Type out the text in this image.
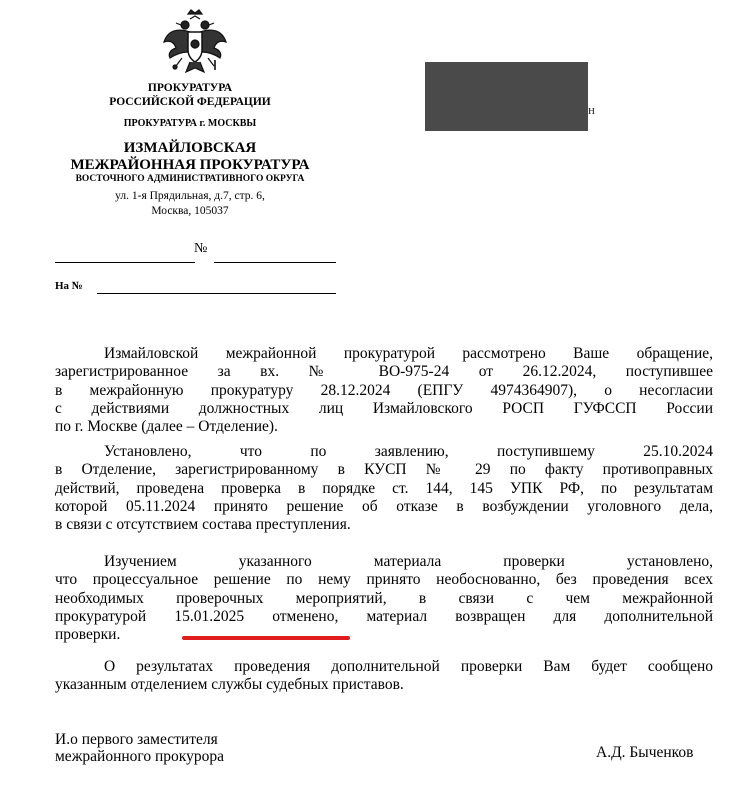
ПРОКУРАТУРА
РОССИЙСКОЙ ФЕДЕРАЦИИ
ПРОКУРАТУРА г. МОСКВЫ
ИЗМАЙЛОВСКАЯ
МЕЖРАЙОННАЯ ПРОКУРАТУРА
ВОСТОЧНОГО АДМИНИСТРАТИВНОГО ОКРУГА
ул. 1-я Прядильная, д.7, стр. 6,
Москва, 105037
н
№
На №
Измайловской межрайонной прокуратурой рассмотрено Ваше обращение,
зарегистрированное за вх. № ВО-975-24 от 26.12.2024, поступившее
в межрайонную прокуратуру 28.12.2024 (ЕПГУ 4974364907), о несогласии
с действиями должностных лиц Измайловского РОСП ГУФССП России
по г. Москве (далее – Отделение).
Установлено, что по заявлению, поступившему 25.10.2024
в Отделение, зарегистрированному в КУСП № 29 по факту противоправных
действий, проведена проверка в порядке ст. 144, 145 УПК РФ, по результатам
которой 05.11.2024 принято решение об отказе в возбуждении уголовного дела,
в связи с отсутствием состава преступления.
Изучением указанного материала проверки установлено,
что процессуальное решение по нему принято необоснованно, без проведения всех
необходимых проверочных мероприятий, в связи с чем межрайонной
прокуратурой 15.01.2025 отменено, материал возвращен для дополнительной
проверки.
О результатах проведения дополнительной проверки Вам будет сообщено
указанным отделением службы судебных приставов.
И.о первого заместителя
межрайонного прокурора	А.Д. Быченков
